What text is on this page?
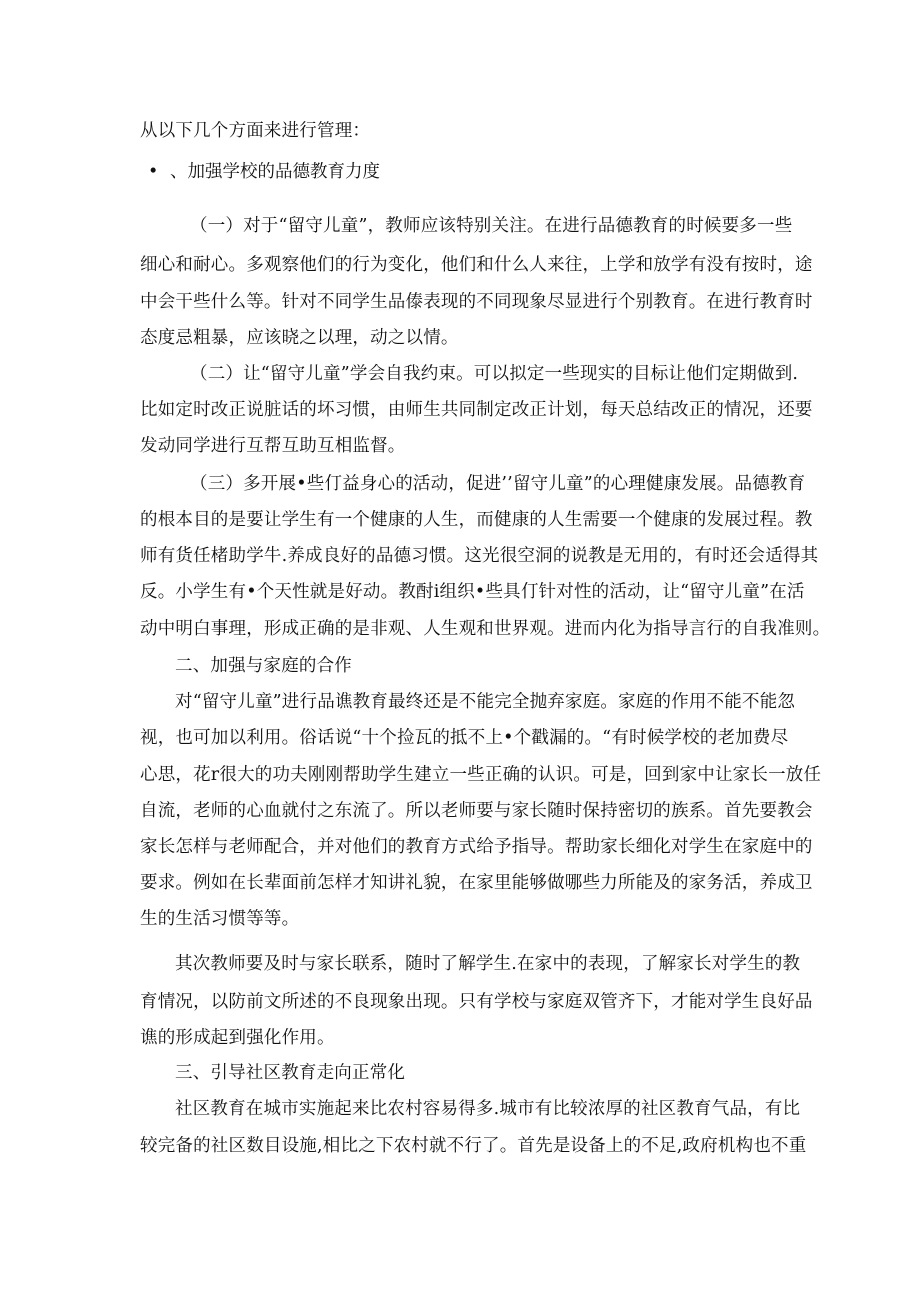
从以下几个方面来进行管理：
• 、加强学校的品德教育力度
（一）对于“留守儿童”，教师应该特别关注。在进行品德教育的时候要多一些
细心和耐心。多观察他们的行为变化，他们和什么人来往，上学和放学有没有按时，途
中会干些什么等。针对不同学生品傣表现的不同现象尽显进行个别教育。在进行教育时
态度忌粗暴，应该晓之以理，动之以情。
（二）让“留守儿童”学会自我约束。可以拟定一些现实的目标让他们定期做到.
比如定时改正说脏话的坏习惯，由师生共同制定改正计划，每天总结改正的情况，还要
发动同学进行互帮互助互相监督。
（三）多开展•些仃益身心的活动，促进’’留守儿童”的心理健康发展。品德教育
的根本目的是要让学生有一个健康的人生，而健康的人生需要一个健康的发展过程。教
师有货任楮助学牛.养成良好的品德习惯。这光很空洞的说教是无用的，有时还会适得其
反。小学生有•个天性就是好动。教酎i组织•些具仃针对性的活动，让“留守儿童”在活
动中明白事理，形成正确的是非观、人生观和世界观。进而内化为指导言行的自我准则。
二、加强与家庭的合作
对“留守儿童”进行品谯教育最终还是不能完全抛弃家庭。家庭的作用不能不能忽
视，也可加以利用。俗话说“十个捡瓦的抵不上•个戳漏的。“有时候学校的老加费尽
心思，花r很大的功夫刚刚帮助学生建立一些正确的认识。可是，回到家中让家长一放任
自流，老师的心血就付之东流了。所以老师要与家长随时保持密切的族系。首先要教会
家长怎样与老师配合，并对他们的教育方式给予指导。帮助家长细化对学生在家庭中的
要求。例如在长辈面前怎样才知讲礼貌，在家里能够做哪些力所能及的家务活，养成卫
生的生活习惯等等。
其次教师要及时与家长联系，随时了解学生.在家中的表现，了解家长对学生的教
育情况，以防前文所述的不良现象出现。只有学校与家庭双管齐下，才能对学生良好品
谯的形成起到强化作用。
三、引导社区教育走向正常化
社区教育在城市实施起来比农村容易得多.城市有比较浓厚的社区教育气品，有比
较完备的社区数目设施,相比之下农村就不行了。首先是设备上的不足,政府机构也不重
